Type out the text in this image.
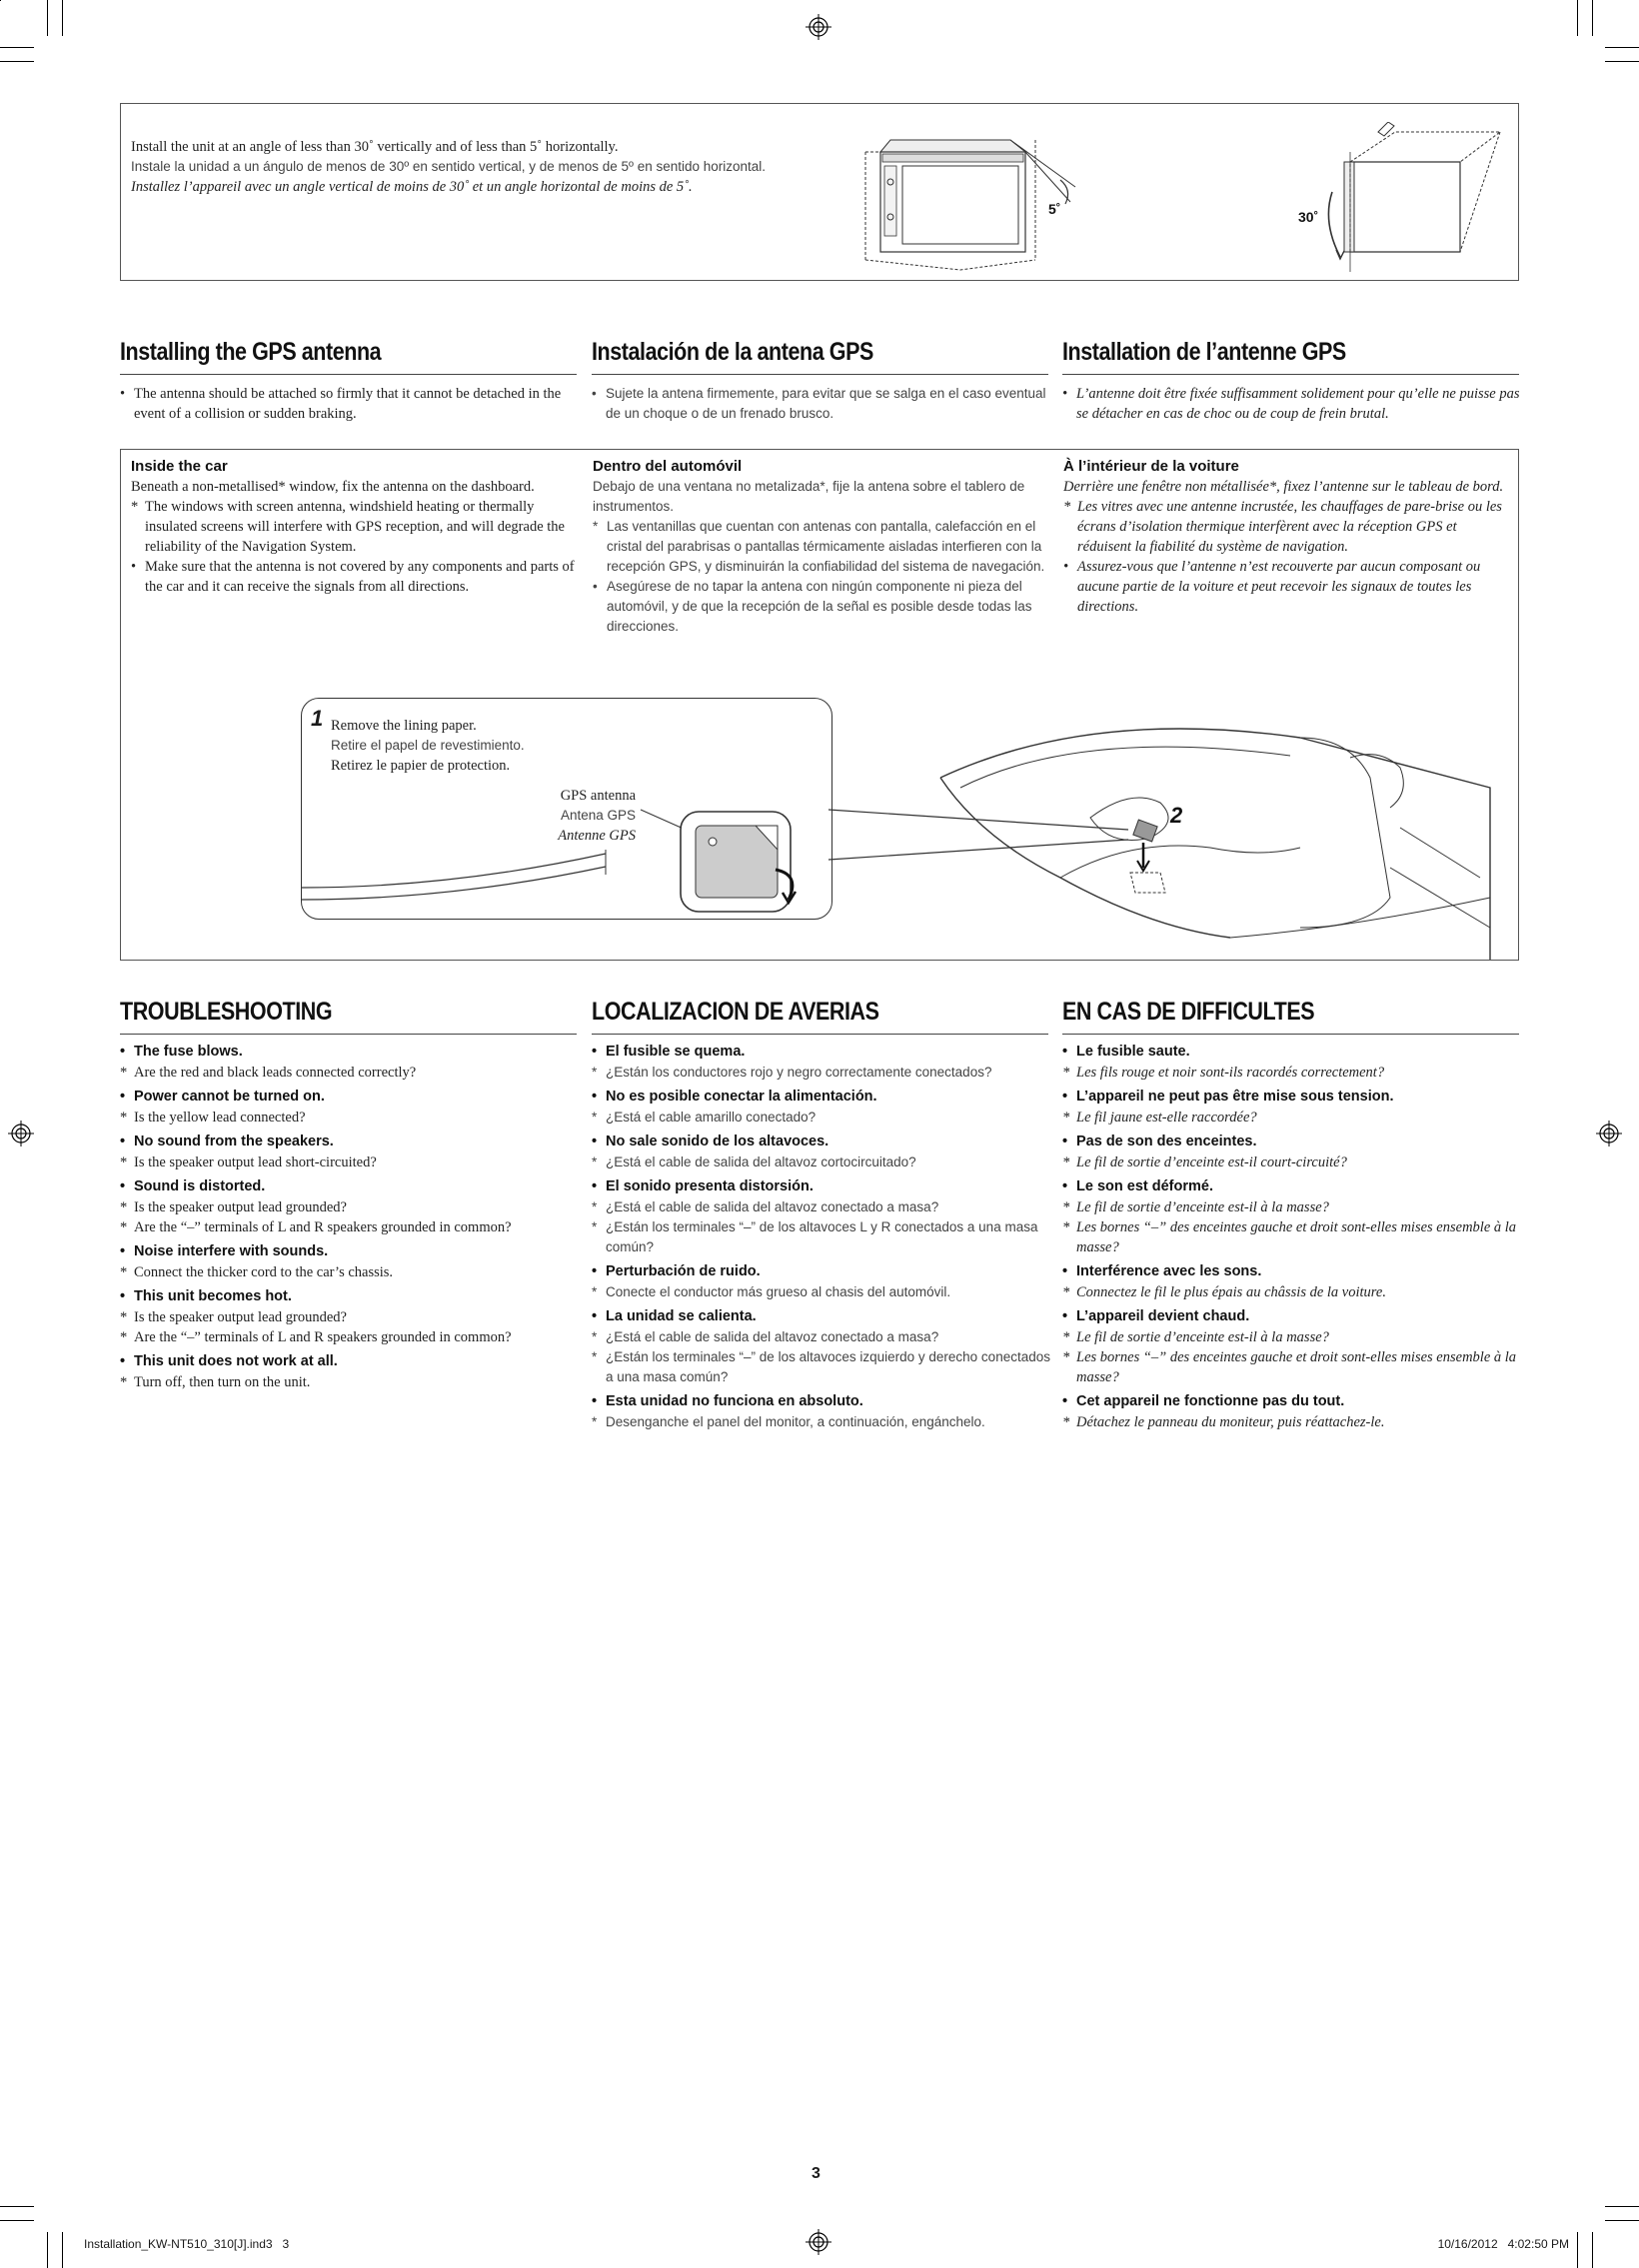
Install the unit at an angle of less than 30˚ vertically and of less than 5˚ horizontally.
Instale la unidad a un ángulo de menos de 30º en sentido vertical, y de menos de 5º en sentido horizontal.
Installez l’appareil avec un angle vertical de moins de 30˚ et un angle horizontal de moins de 5˚.
5˚	30˚
Installing the GPS antenna	Instalación de la antena GPS	Installation de l’antenne GPS
• The antenna should be attached so firmly that it cannot be detached in the event of a collision or sudden braking.
• Sujete la antena firmemente, para evitar que se salga en el caso eventual de un choque o de un frenado brusco.
• L’antenne doit être fixée suffisamment solidement pour qu’elle ne puisse pas se détacher en cas de choc ou de coup de frein brutal.
Inside the car
Beneath a non-metallised* window, fix the antenna on the dashboard.
* The windows with screen antenna, windshield heating or thermally insulated screens will interfere with GPS reception, and will degrade the reliability of the Navigation System.
• Make sure that the antenna is not covered by any components and parts of the car and it can receive the signals from all directions.
Dentro del automóvil
Debajo de una ventana no metalizada*, fije la antena sobre el tablero de instrumentos.
* Las ventanillas que cuentan con antenas con pantalla, calefacción en el cristal del parabrisas o pantallas térmicamente aisladas interfieren con la recepción GPS, y disminuirán la confiabilidad del sistema de navegación.
• Asegúrese de no tapar la antena con ningún componente ni pieza del automóvil, y de que la recepción de la señal es posible desde todas las direcciones.
À l’intérieur de la voiture
Derrière une fenêtre non métallisée*, fixez l’antenne sur le tableau de bord.
* Les vitres avec une antenne incrustée, les chauffages de pare-brise ou les écrans d’isolation thermique interfèrent avec la réception GPS et réduisent la fiabilité du système de navigation.
• Assurez-vous que l’antenne n’est recouverte par aucun composant ou aucune partie de la voiture et peut recevoir les signaux de toutes les directions.
1 Remove the lining paper.
Retire el papel de revestimiento.
Retirez le papier de protection.
GPS antenna
Antena GPS
Antenne GPS
2
TROUBLESHOOTING	LOCALIZACION DE AVERIAS	EN CAS DE DIFFICULTES
• The fuse blows.
* Are the red and black leads connected correctly?
• Power cannot be turned on.
* Is the yellow lead connected?
• No sound from the speakers.
* Is the speaker output lead short-circuited?
• Sound is distorted.
* Is the speaker output lead grounded?
* Are the “–” terminals of L and R speakers grounded in common?
• Noise interfere with sounds.
* Connect the thicker cord to the car’s chassis.
• This unit becomes hot.
* Is the speaker output lead grounded?
* Are the “–” terminals of L and R speakers grounded in common?
• This unit does not work at all.
* Turn off, then turn on the unit.
• El fusible se quema.
* ¿Están los conductores rojo y negro correctamente conectados?
• No es posible conectar la alimentación.
* ¿Está el cable amarillo conectado?
• No sale sonido de los altavoces.
* ¿Está el cable de salida del altavoz cortocircuitado?
• El sonido presenta distorsión.
* ¿Está el cable de salida del altavoz conectado a masa?
* ¿Están los terminales “–” de los altavoces L y R conectados a una masa común?
• Perturbación de ruido.
* Conecte el conductor más grueso al chasis del automóvil.
• La unidad se calienta.
* ¿Está el cable de salida del altavoz conectado a masa?
* ¿Están los terminales “–” de los altavoces izquierdo y derecho conectados a una masa común?
• Esta unidad no funciona en absoluto.
* Desenganche el panel del monitor, a continuación, engánchelo.
• Le fusible saute.
* Les fils rouge et noir sont-ils racordés correctement?
• L’appareil ne peut pas être mise sous tension.
* Le fil jaune est-elle raccordée?
• Pas de son des enceintes.
* Le fil de sortie d’enceinte est-il court-circuité?
• Le son est déformé.
* Le fil de sortie d’enceinte est-il à la masse?
* Les bornes “–” des enceintes gauche et droit sont-elles mises ensemble à la masse?
• Interférence avec les sons.
* Connectez le fil le plus épais au châssis de la voiture.
• L’appareil devient chaud.
* Le fil de sortie d’enceinte est-il à la masse?
* Les bornes “–” des enceintes gauche et droit sont-elles mises ensemble à la masse?
• Cet appareil ne fonctionne pas du tout.
* Détachez le panneau du moniteur, puis réattachez-le.
3
Installation_KW-NT510_310[J].ind3   3	10/16/2012   4:02:50 PM
